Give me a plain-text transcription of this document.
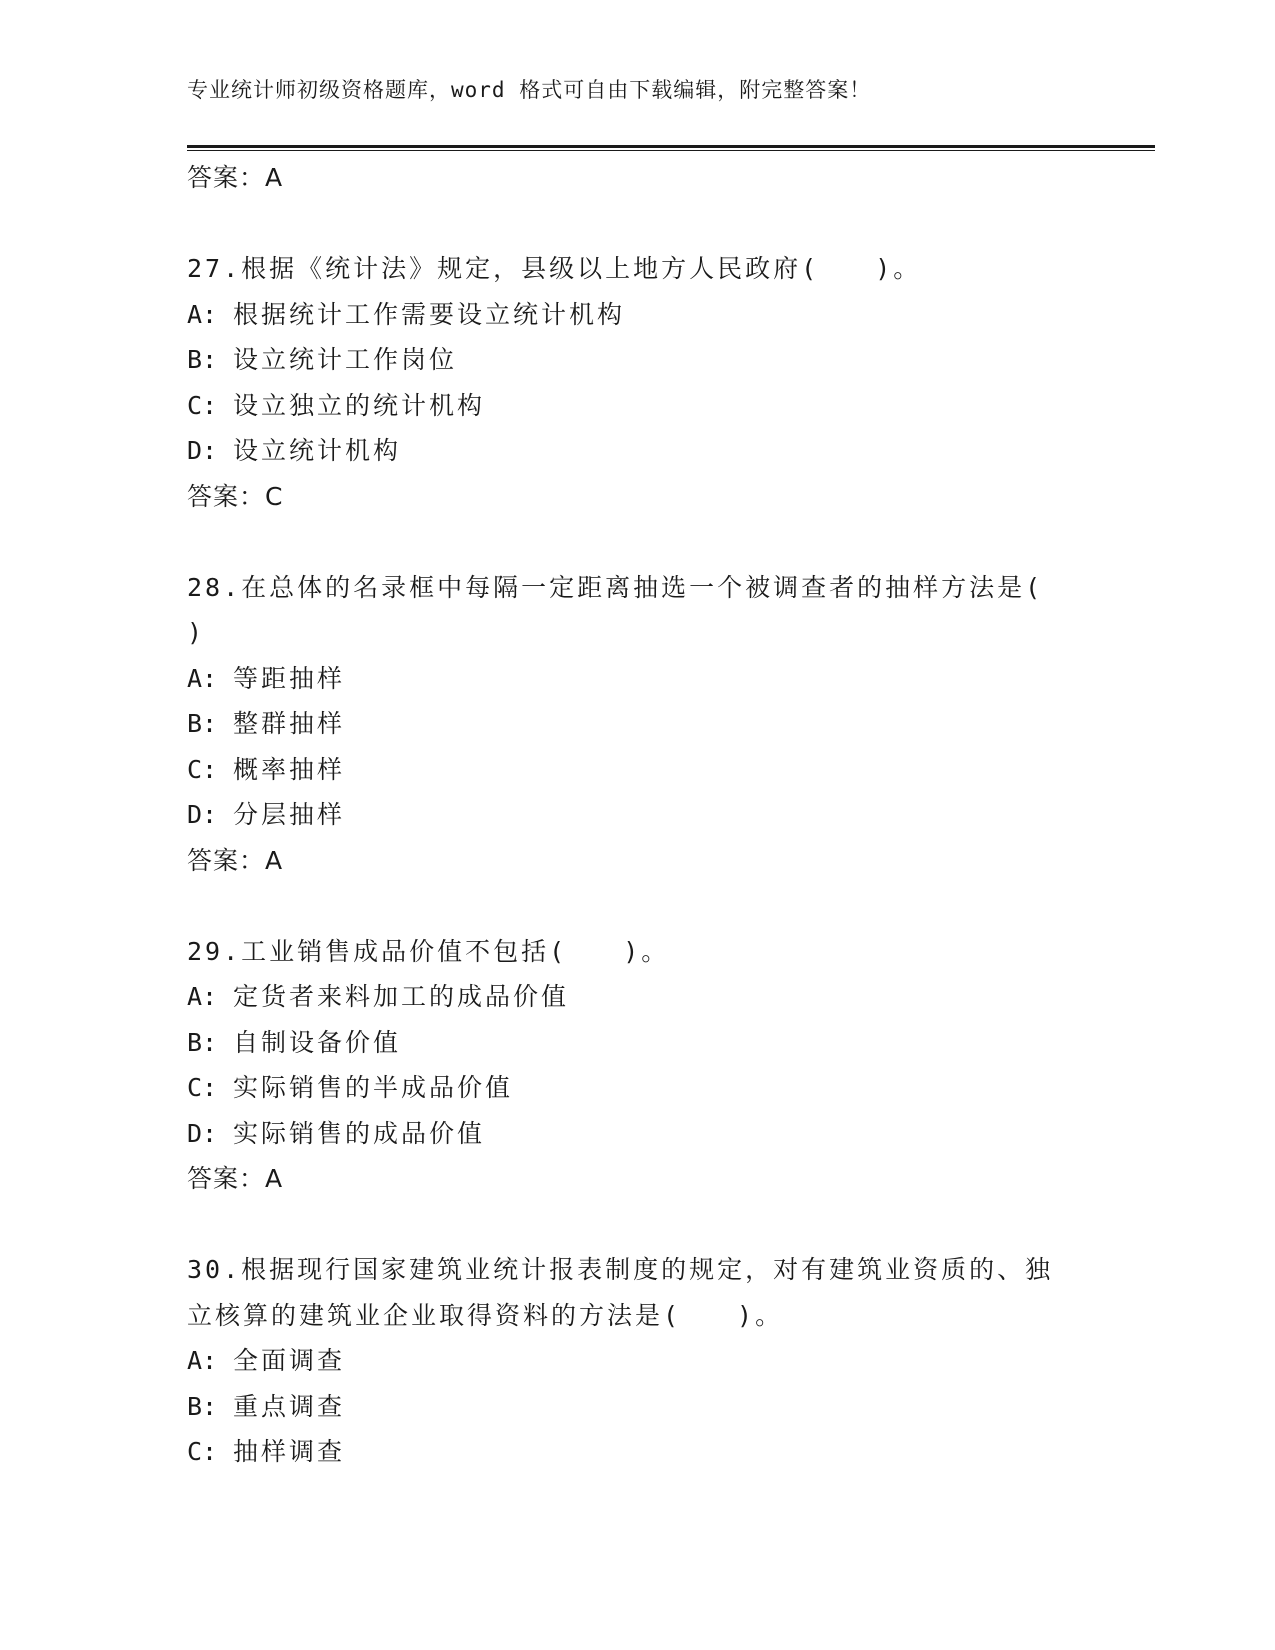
专业统计师初级资格题库，word 格式可自由下载编辑，附完整答案！
答案：A
27.根据《统计法》规定，县级以上地方人民政府(　　)。
A: 根据统计工作需要设立统计机构
B: 设立统计工作岗位
C: 设立独立的统计机构
D: 设立统计机构
答案：C
28.在总体的名录框中每隔一定距离抽选一个被调查者的抽样方法是(
)
A: 等距抽样
B: 整群抽样
C: 概率抽样
D: 分层抽样
答案：A
29.工业销售成品价值不包括(　　)。
A: 定货者来料加工的成品价值
B: 自制设备价值
C: 实际销售的半成品价值
D: 实际销售的成品价值
答案：A
30.根据现行国家建筑业统计报表制度的规定，对有建筑业资质的、独
立核算的建筑业企业取得资料的方法是(　　)。
A: 全面调查
B: 重点调查
C: 抽样调查
